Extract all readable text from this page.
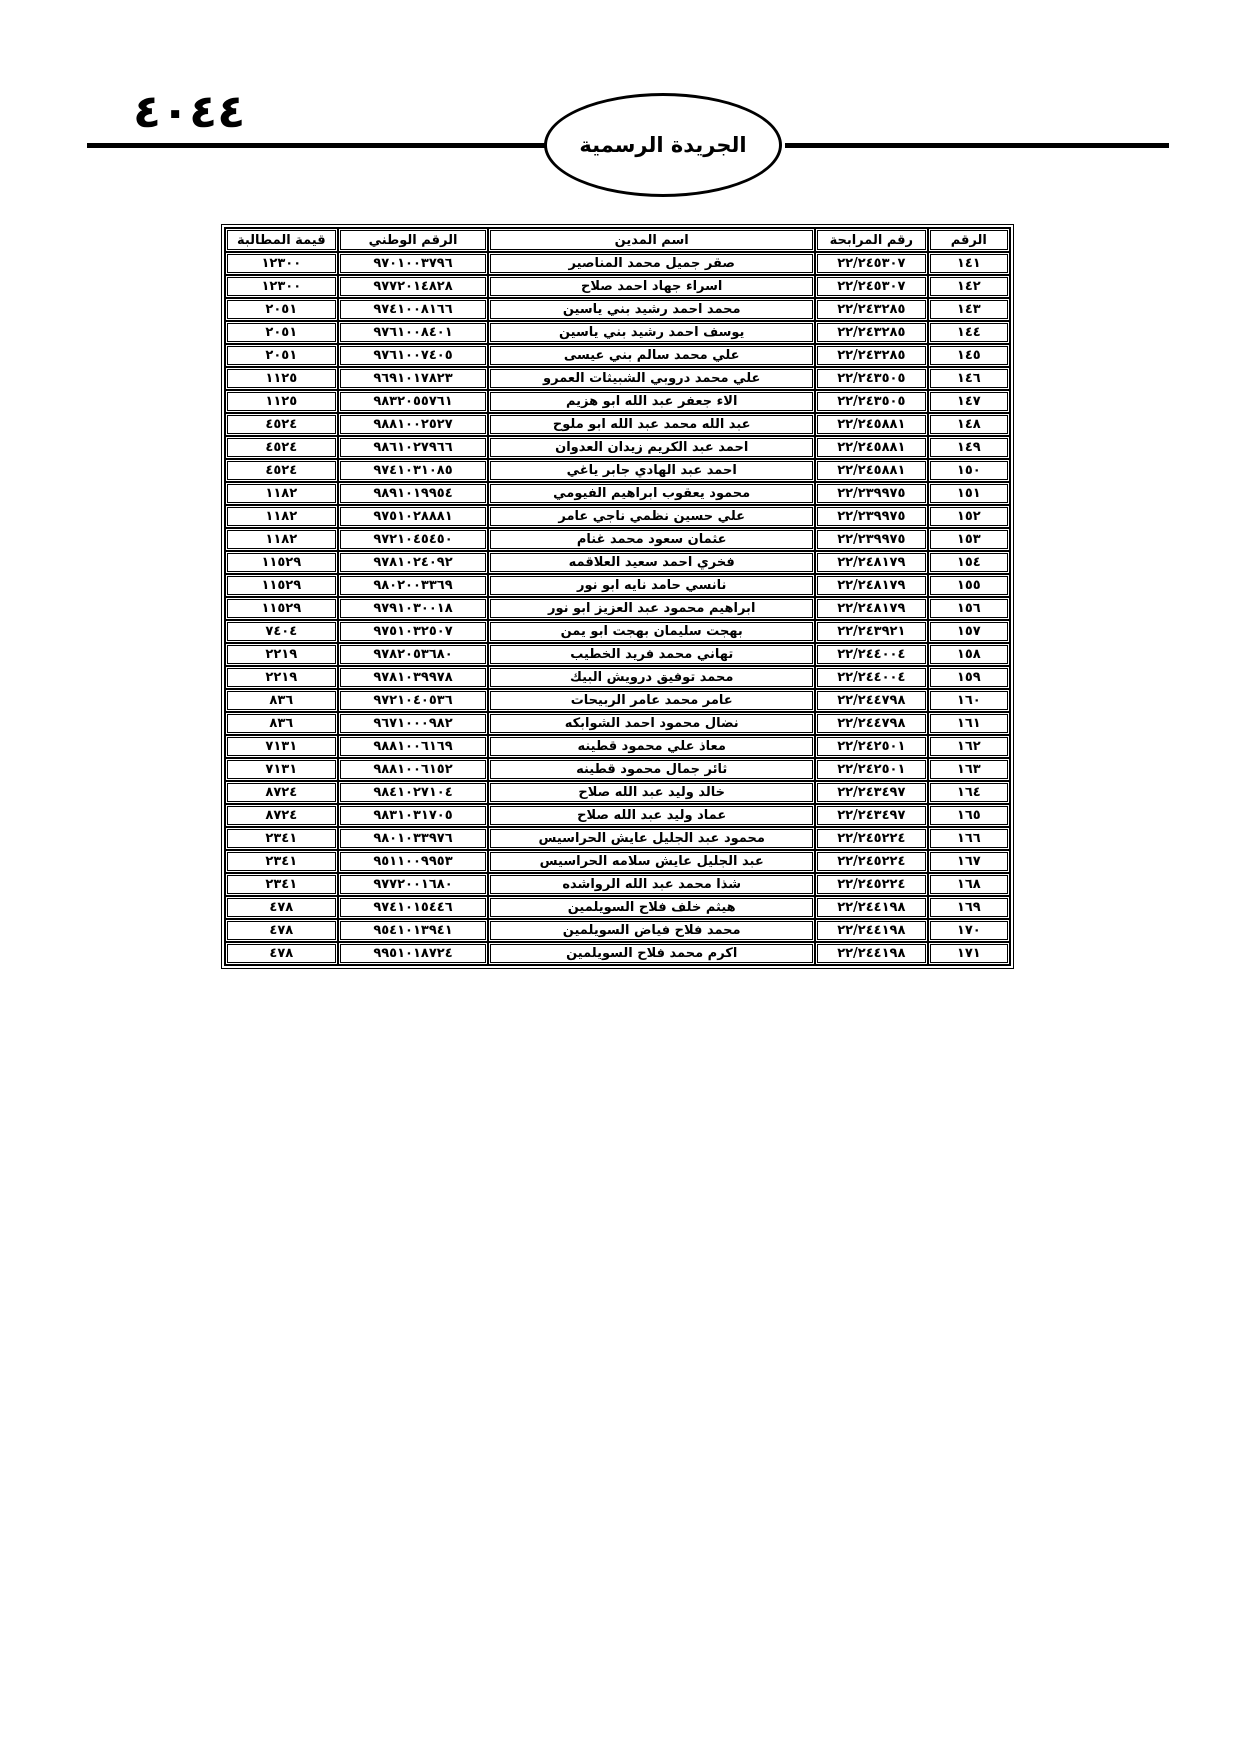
٤٠٤٤
الجريدة الرسمية
الرقم	رقم المرابحة	اسم المدين	الرقم الوطني	قيمة المطالبة
١٤١	٢٢/٢٤٥٣٠٧	صقر جميل محمد المناصير	٩٧٠١٠٠٣٧٩٦	١٢٣٠٠
١٤٢	٢٢/٢٤٥٣٠٧	اسراء جهاد احمد صلاح	٩٧٧٢٠١٤٨٢٨	١٢٣٠٠
١٤٣	٢٢/٢٤٣٢٨٥	محمد احمد رشيد بني ياسين	٩٧٤١٠٠٨١٦٦	٢٠٥١
١٤٤	٢٢/٢٤٣٢٨٥	يوسف احمد رشيد بني ياسين	٩٧٦١٠٠٨٤٠١	٢٠٥١
١٤٥	٢٢/٢٤٣٢٨٥	علي محمد سالم بني عيسى	٩٧٦١٠٠٧٤٠٥	٢٠٥١
١٤٦	٢٢/٢٤٣٥٠٥	علي محمد دروبي الشبيثات العمرو	٩٦٩١٠١٧٨٢٣	١١٢٥
١٤٧	٢٢/٢٤٣٥٠٥	الاء جعفر عبد الله ابو هزيم	٩٨٣٢٠٥٥٧٦١	١١٢٥
١٤٨	٢٢/٢٤٥٨٨١	عبد الله محمد عبد الله ابو ملوح	٩٨٨١٠٠٢٥٢٧	٤٥٢٤
١٤٩	٢٢/٢٤٥٨٨١	احمد عبد الكريم زيدان العدوان	٩٨٦١٠٢٧٩٦٦	٤٥٢٤
١٥٠	٢٢/٢٤٥٨٨١	احمد عبد الهادي جابر ياغي	٩٧٤١٠٣١٠٨٥	٤٥٢٤
١٥١	٢٢/٢٣٩٩٧٥	محمود يعقوب ابراهيم الفيومي	٩٨٩١٠١٩٩٥٤	١١٨٢
١٥٢	٢٢/٢٣٩٩٧٥	علي حسين نظمي ناجي عامر	٩٧٥١٠٢٨٨٨١	١١٨٢
١٥٣	٢٢/٢٣٩٩٧٥	عثمان سعود محمد غنام	٩٧٢١٠٤٥٤٥٠	١١٨٢
١٥٤	٢٢/٢٤٨١٧٩	فخري احمد سعيد العلاقمه	٩٧٨١٠٢٤٠٩٢	١١٥٢٩
١٥٥	٢٢/٢٤٨١٧٩	نانسي حامد نايه ابو نور	٩٨٠٢٠٠٣٣٦٩	١١٥٢٩
١٥٦	٢٢/٢٤٨١٧٩	ابراهيم محمود عبد العزيز ابو نور	٩٧٩١٠٣٠٠١٨	١١٥٢٩
١٥٧	٢٢/٢٤٣٩٢١	بهجت سليمان بهجت ابو يمن	٩٧٥١٠٣٢٥٠٧	٧٤٠٤
١٥٨	٢٢/٢٤٤٠٠٤	تهاني محمد فريد الخطيب	٩٧٨٢٠٥٣٦٨٠	٢٢١٩
١٥٩	٢٢/٢٤٤٠٠٤	محمد توفيق درويش البيك	٩٧٨١٠٣٩٩٧٨	٢٢١٩
١٦٠	٢٢/٢٤٤٧٩٨	عامر محمد عامر الربيحات	٩٧٢١٠٤٠٥٣٦	٨٣٦
١٦١	٢٢/٢٤٤٧٩٨	نضال محمود احمد الشوابكه	٩٦٧١٠٠٠٩٨٢	٨٣٦
١٦٢	٢٢/٢٤٢٥٠١	معاذ علي محمود قطينه	٩٨٨١٠٠٦١٦٩	٧١٣١
١٦٣	٢٢/٢٤٢٥٠١	ثائر جمال محمود قطينه	٩٨٨١٠٠٦١٥٢	٧١٣١
١٦٤	٢٢/٢٤٣٤٩٧	خالد وليد عبد الله صلاح	٩٨٤١٠٢٧١٠٤	٨٧٢٤
١٦٥	٢٢/٢٤٣٤٩٧	عماد وليد عبد الله صلاح	٩٨٣١٠٣١٧٠٥	٨٧٢٤
١٦٦	٢٢/٢٤٥٢٢٤	محمود عبد الجليل عايش الحراسيس	٩٨٠١٠٣٣٩٧٦	٢٣٤١
١٦٧	٢٢/٢٤٥٢٢٤	عبد الجليل عايش سلامه الحراسيس	٩٥١١٠٠٩٩٥٣	٢٣٤١
١٦٨	٢٢/٢٤٥٢٢٤	شذا محمد عبد الله الرواشده	٩٧٧٢٠٠١٦٨٠	٢٣٤١
١٦٩	٢٢/٢٤٤١٩٨	هيثم خلف فلاح السويلمين	٩٧٤١٠١٥٤٤٦	٤٧٨
١٧٠	٢٢/٢٤٤١٩٨	محمد فلاح فياض السويلمين	٩٥٤١٠١٣٩٤١	٤٧٨
١٧١	٢٢/٢٤٤١٩٨	اكرم محمد فلاح السويلمين	٩٩٥١٠١٨٧٢٤	٤٧٨
